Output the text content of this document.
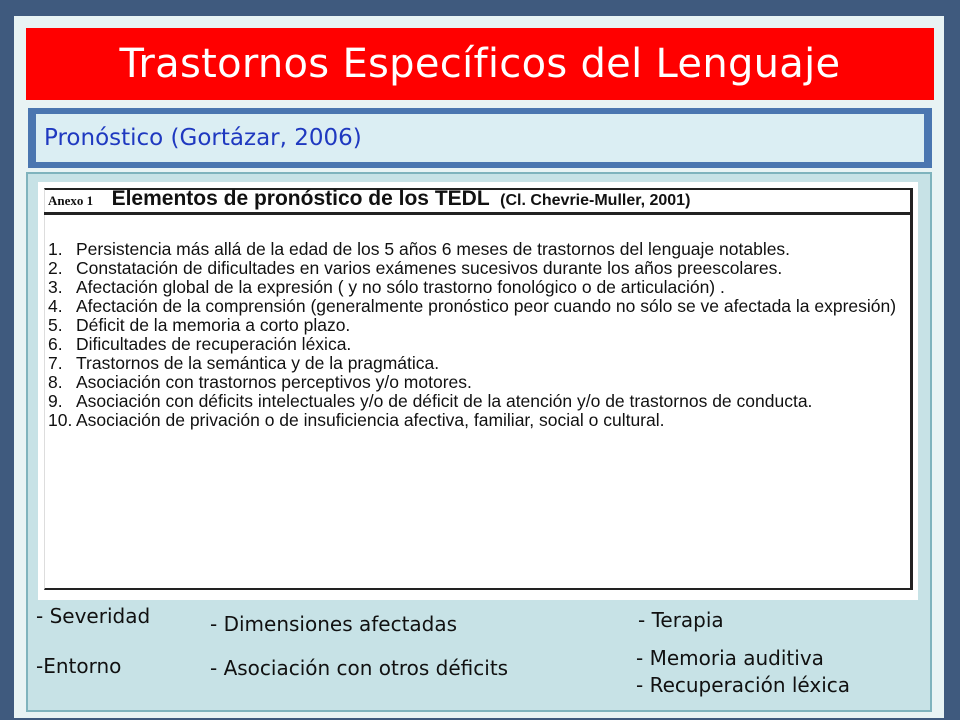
Trastornos Específicos del Lenguaje
Pronóstico (Gortázar, 2006)
Anexo 1 Elementos de pronóstico de los TEDL (Cl. Chevrie-Muller, 2001)
1. Persistencia más allá de la edad de los 5 años 6 meses de trastornos del lenguaje notables.
2. Constatación de dificultades en varios exámenes sucesivos durante los años preescolares.
3. Afectación global de la expresión ( y no sólo trastorno fonológico o de articulación) .
4. Afectación de la comprensión (generalmente pronóstico peor cuando no sólo se ve afectada la expresión)
5. Déficit de la memoria a corto plazo.
6. Dificultades de recuperación léxica.
7. Trastornos de la semántica y de la pragmática.
8. Asociación con trastornos perceptivos y/o motores.
9. Asociación con déficits intelectuales y/o de déficit de la atención y/o de trastornos de conducta.
10. Asociación de privación o de insuficiencia afectiva, familiar, social o cultural.
- Severidad
-Entorno
- Dimensiones afectadas
- Asociación con otros déficits
- Terapia
- Memoria auditiva
- Recuperación léxica
